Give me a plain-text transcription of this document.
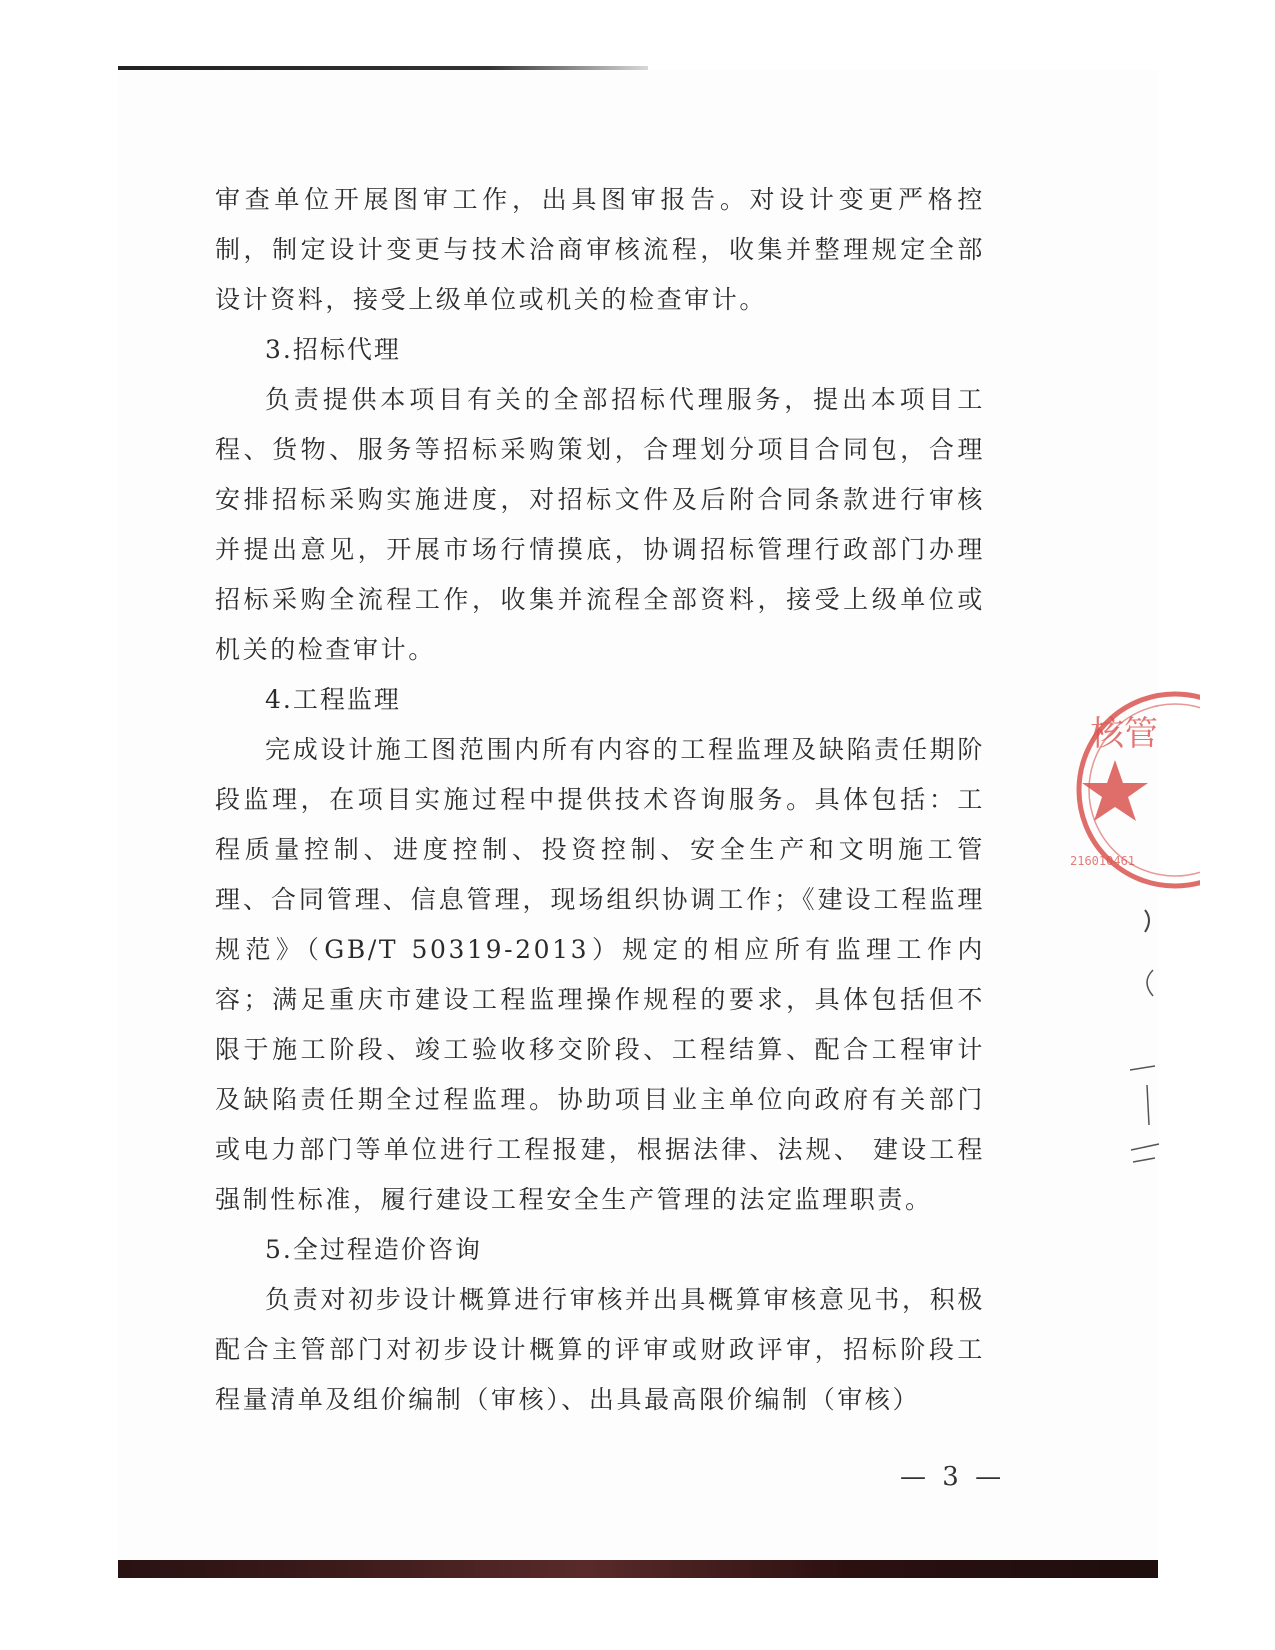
审查单位开展图审工作，出具图审报告。对设计变更严格控制，制定设计变更与技术洽商审核流程，收集并整理规定全部设计资料，接受上级单位或机关的检查审计。

3.招标代理

负责提供本项目有关的全部招标代理服务，提出本项目工程、货物、服务等招标采购策划，合理划分项目合同包，合理安排招标采购实施进度，对招标文件及后附合同条款进行审核并提出意见，开展市场行情摸底，协调招标管理行政部门办理招标采购全流程工作，收集并流程全部资料，接受上级单位或机关的检查审计。

4.工程监理

完成设计施工图范围内所有内容的工程监理及缺陷责任期阶段监理，在项目实施过程中提供技术咨询服务。具体包括：工程质量控制、进度控制、投资控制、安全生产和文明施工管理、合同管理、信息管理，现场组织协调工作；《建设工程监理规范》（GB/T 50319-2013）规定的相应所有监理工作内容；满足重庆市建设工程监理操作规程的要求，具体包括但不限于施工阶段、竣工验收移交阶段、工程结算、配合工程审计及缺陷责任期全过程监理。协助项目业主单位向政府有关部门或电力部门等单位进行工程报建，根据法律、法规、 建设工程强制性标准，履行建设工程安全生产管理的法定监理职责。

5.全过程造价咨询

负责对初步设计概算进行审核并出具概算审核意见书，积极配合主管部门对初步设计概算的评审或财政评审，招标阶段工程量清单及组价编制（审核）、出具最高限价编制（审核）

核管
216010461
— 3 —
